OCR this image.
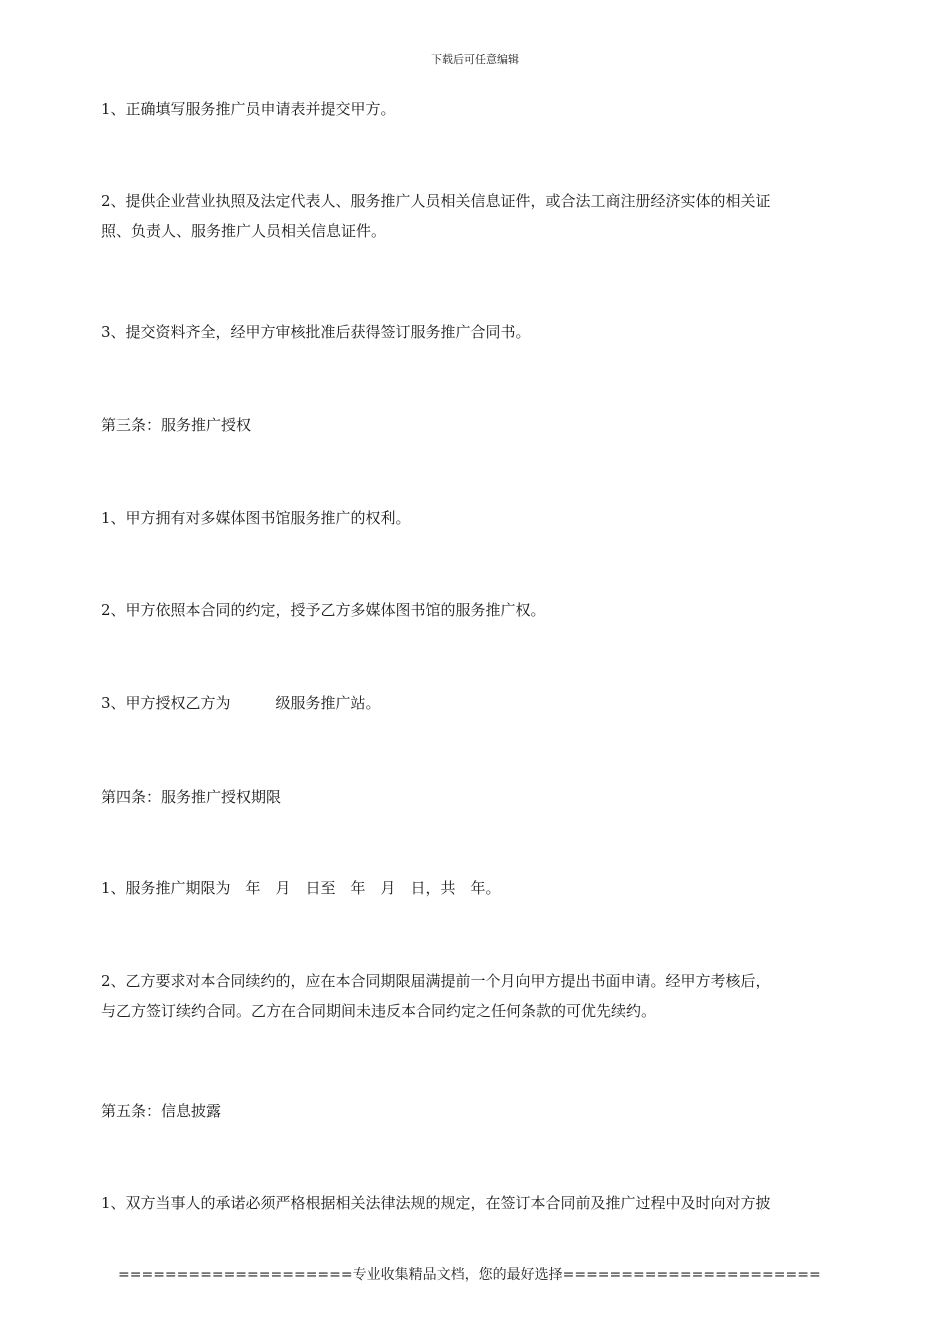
下载后可任意编辑

1、正确填写服务推广员申请表并提交甲方。

2、提供企业营业执照及法定代表人、服务推广人员相关信息证件，或合法工商注册经济实体的相关证
照、负责人、服务推广人员相关信息证件。

3、提交资料齐全，经甲方审核批准后获得签订服务推广合同书。

第三条：服务推广授权

1、甲方拥有对多媒体图书馆服务推广的权利。

2、甲方依照本合同的约定，授予乙方多媒体图书馆的服务推广权。

3、甲方授权乙方为　　　级服务推广站。

第四条：服务推广授权期限

1、服务推广期限为　年　月　日至　年　月　日，共　年。

2、乙方要求对本合同续约的，应在本合同期限届满提前一个月向甲方提出书面申请。经甲方考核后，
与乙方签订续约合同。乙方在合同期间未违反本合同约定之任何条款的可优先续约。

第五条：信息披露

1、双方当事人的承诺必须严格根据相关法律法规的规定，在签订本合同前及推广过程中及时向对方披

====================专业收集精品文档，您的最好选择======================
